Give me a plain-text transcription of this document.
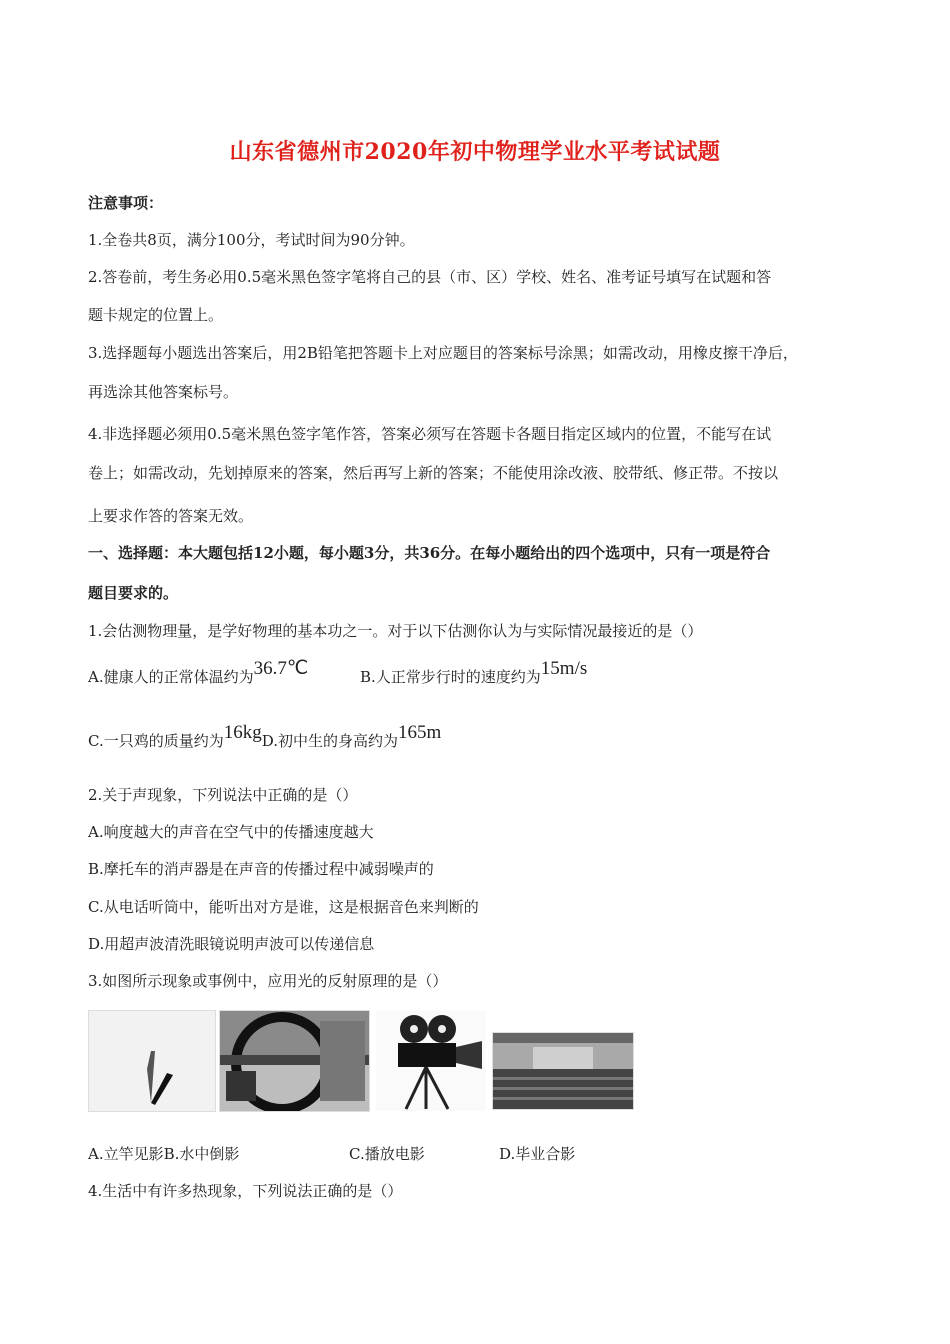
山东省德州市2020年初中物理学业水平考试试题
注意事项：
1.全卷共8页，满分100分，考试时间为90分钟。
2.答卷前，考生务必用0.5毫米黑色签字笔将自己的县（市、区）学校、姓名、准考证号填写在试题和答
题卡规定的位置上。
3.选择题每小题选出答案后，用2B铅笔把答题卡上对应题目的答案标号涂黑；如需改动，用橡皮擦干净后，
再选涂其他答案标号。
4.非选择题必须用0.5毫米黑色签字笔作答，答案必须写在答题卡各题目指定区域内的位置，不能写在试
卷上；如需改动，先划掉原来的答案，然后再写上新的答案；不能使用涂改液、胶带纸、修正带。不按以
上要求作答的答案无效。
一、选择题：本大题包括12小题，每小题3分，共36分。在每小题给出的四个选项中，只有一项是符合
题目要求的。
1.会估测物理量，是学好物理的基本功之一。对于以下估测你认为与实际情况最接近的是（）
A.健康人的正常体温约为36.7℃	B.人正常步行时的速度约为15m/s
C.一只鸡的质量约为16kgD.初中生的身高约为165m
2.关于声现象，下列说法中正确的是（）
A.响度越大的声音在空气中的传播速度越大
B.摩托车的消声器是在声音的传播过程中减弱噪声的
C.从电话听筒中，能听出对方是谁，这是根据音色来判断的
D.用超声波清洗眼镜说明声波可以传递信息
3.如图所示现象或事例中，应用光的反射原理的是（）
A.立竿见影B.水中倒影	C.播放电影	D.毕业合影
4.生活中有许多热现象，下列说法正确的是（）
